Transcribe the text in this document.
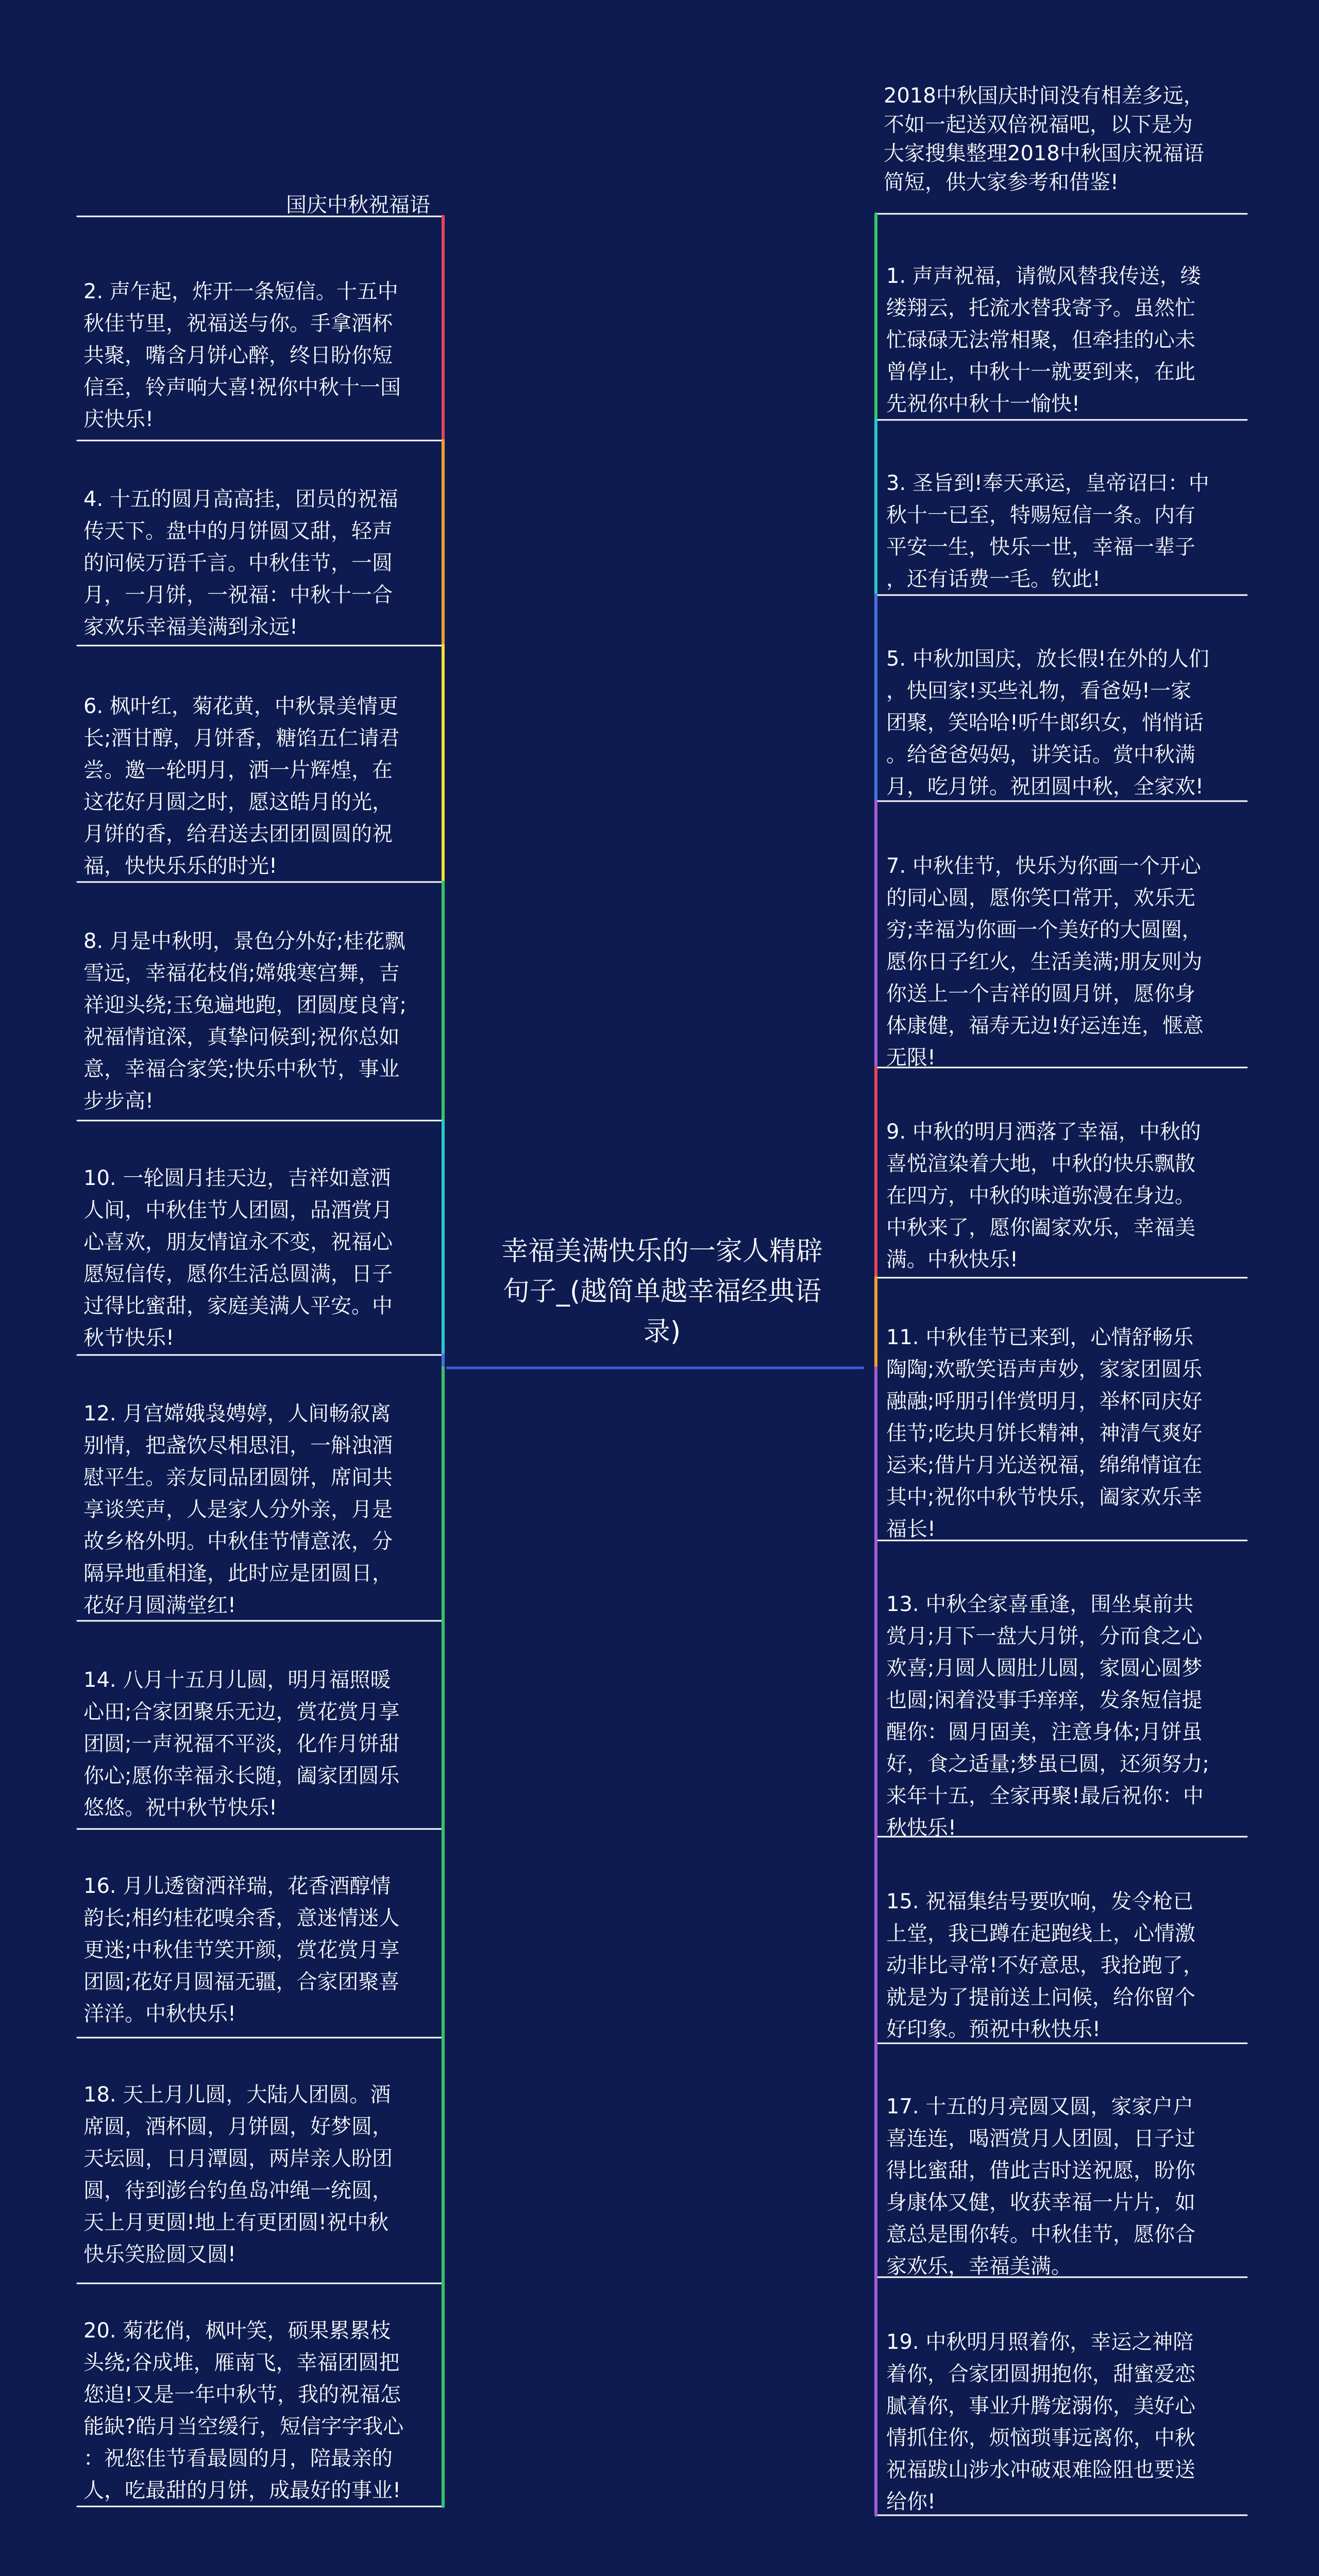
幸福美满快乐的一家人精辟句子_(越简单越幸福经典语录)
2018中秋国庆时间没有相差多远，
不如一起送双倍祝福吧，以下是为
大家搜集整理2018中秋国庆祝福语
简短，供大家参考和借鉴!
国庆中秋祝福语
2. 声乍起，炸开一条短信。十五中
秋佳节里，祝福送与你。手拿酒杯
共聚，嘴含月饼心醉，终日盼你短
信至，铃声响大喜!祝你中秋十一国
庆快乐!
4. 十五的圆月高高挂，团员的祝福
传天下。盘中的月饼圆又甜，轻声
的问候万语千言。中秋佳节，一圆
月，一月饼，一祝福：中秋十一合
家欢乐幸福美满到永远!
6. 枫叶红，菊花黄，中秋景美情更
长;酒甘醇，月饼香，糖馅五仁请君
尝。邀一轮明月，洒一片辉煌，在
这花好月圆之时，愿这皓月的光，
月饼的香，给君送去团团圆圆的祝
福，快快乐乐的时光!
8. 月是中秋明，景色分外好;桂花飘
雪远，幸福花枝俏;嫦娥寒宫舞，吉
祥迎头绕;玉兔遍地跑，团圆度良宵;
祝福情谊深，真挚问候到;祝你总如
意，幸福合家笑;快乐中秋节，事业
步步高!
10. 一轮圆月挂天边，吉祥如意洒
人间，中秋佳节人团圆，品酒赏月
心喜欢，朋友情谊永不变，祝福心
愿短信传，愿你生活总圆满，日子
过得比蜜甜，家庭美满人平安。中
秋节快乐!
12. 月宫嫦娥袅娉婷，人间畅叙离
别情，把盏饮尽相思泪，一斛浊酒
慰平生。亲友同品团圆饼，席间共
享谈笑声，人是家人分外亲，月是
故乡格外明。中秋佳节情意浓，分
隔异地重相逢，此时应是团圆日，
花好月圆满堂红!
14. 八月十五月儿圆，明月福照暖
心田;合家团聚乐无边，赏花赏月享
团圆;一声祝福不平淡，化作月饼甜
你心;愿你幸福永长随，阖家团圆乐
悠悠。祝中秋节快乐!
16. 月儿透窗洒祥瑞，花香酒醇情
韵长;相约桂花嗅余香，意迷情迷人
更迷;中秋佳节笑开颜，赏花赏月享
团圆;花好月圆福无疆，合家团聚喜
洋洋。中秋快乐!
18. 天上月儿圆，大陆人团圆。酒
席圆，酒杯圆，月饼圆，好梦圆，
天坛圆，日月潭圆，两岸亲人盼团
圆，待到澎台钓鱼岛冲绳一统圆，
天上月更圆!地上有更团圆!祝中秋
快乐笑脸圆又圆!
20. 菊花俏，枫叶笑，硕果累累枝
头绕;谷成堆，雁南飞，幸福团圆把
您追!又是一年中秋节，我的祝福怎
能缺?皓月当空缓行，短信字字我心
：祝您佳节看最圆的月，陪最亲的
人，吃最甜的月饼，成最好的事业!
1. 声声祝福，请微风替我传送，缕
缕翔云，托流水替我寄予。虽然忙
忙碌碌无法常相聚，但牵挂的心未
曾停止，中秋十一就要到来，在此
先祝你中秋十一愉快!
3. 圣旨到!奉天承运，皇帝诏曰：中
秋十一已至，特赐短信一条。内有
平安一生，快乐一世，幸福一辈子
，还有话费一毛。钦此!
5. 中秋加国庆，放长假!在外的人们
，快回家!买些礼物，看爸妈!一家
团聚，笑哈哈!听牛郎织女，悄悄话
。给爸爸妈妈，讲笑话。赏中秋满
月，吃月饼。祝团圆中秋，全家欢!
7. 中秋佳节，快乐为你画一个开心
的同心圆，愿你笑口常开，欢乐无
穷;幸福为你画一个美好的大圆圈，
愿你日子红火，生活美满;朋友则为
你送上一个吉祥的圆月饼，愿你身
体康健，福寿无边!好运连连，惬意
无限!
9. 中秋的明月洒落了幸福，中秋的
喜悦渲染着大地，中秋的快乐飘散
在四方，中秋的味道弥漫在身边。
中秋来了，愿你阖家欢乐，幸福美
满。中秋快乐!
11. 中秋佳节已来到，心情舒畅乐
陶陶;欢歌笑语声声妙，家家团圆乐
融融;呼朋引伴赏明月，举杯同庆好
佳节;吃块月饼长精神，神清气爽好
运来;借片月光送祝福，绵绵情谊在
其中;祝你中秋节快乐，阖家欢乐幸
福长!
13. 中秋全家喜重逢，围坐桌前共
赏月;月下一盘大月饼，分而食之心
欢喜;月圆人圆肚儿圆，家圆心圆梦
也圆;闲着没事手痒痒，发条短信提
醒你：圆月固美，注意身体;月饼虽
好，食之适量;梦虽已圆，还须努力;
来年十五，全家再聚!最后祝你：中
秋快乐!
15. 祝福集结号要吹响，发令枪已
上堂，我已蹲在起跑线上，心情激
动非比寻常!不好意思，我抢跑了，
就是为了提前送上问候，给你留个
好印象。预祝中秋快乐!
17. 十五的月亮圆又圆，家家户户
喜连连，喝酒赏月人团圆，日子过
得比蜜甜，借此吉时送祝愿，盼你
身康体又健，收获幸福一片片，如
意总是围你转。中秋佳节，愿你合
家欢乐，幸福美满。
19. 中秋明月照着你，幸运之神陪
着你，合家团圆拥抱你，甜蜜爱恋
腻着你，事业升腾宠溺你，美好心
情抓住你，烦恼琐事远离你，中秋
祝福跋山涉水冲破艰难险阻也要送
给你!
